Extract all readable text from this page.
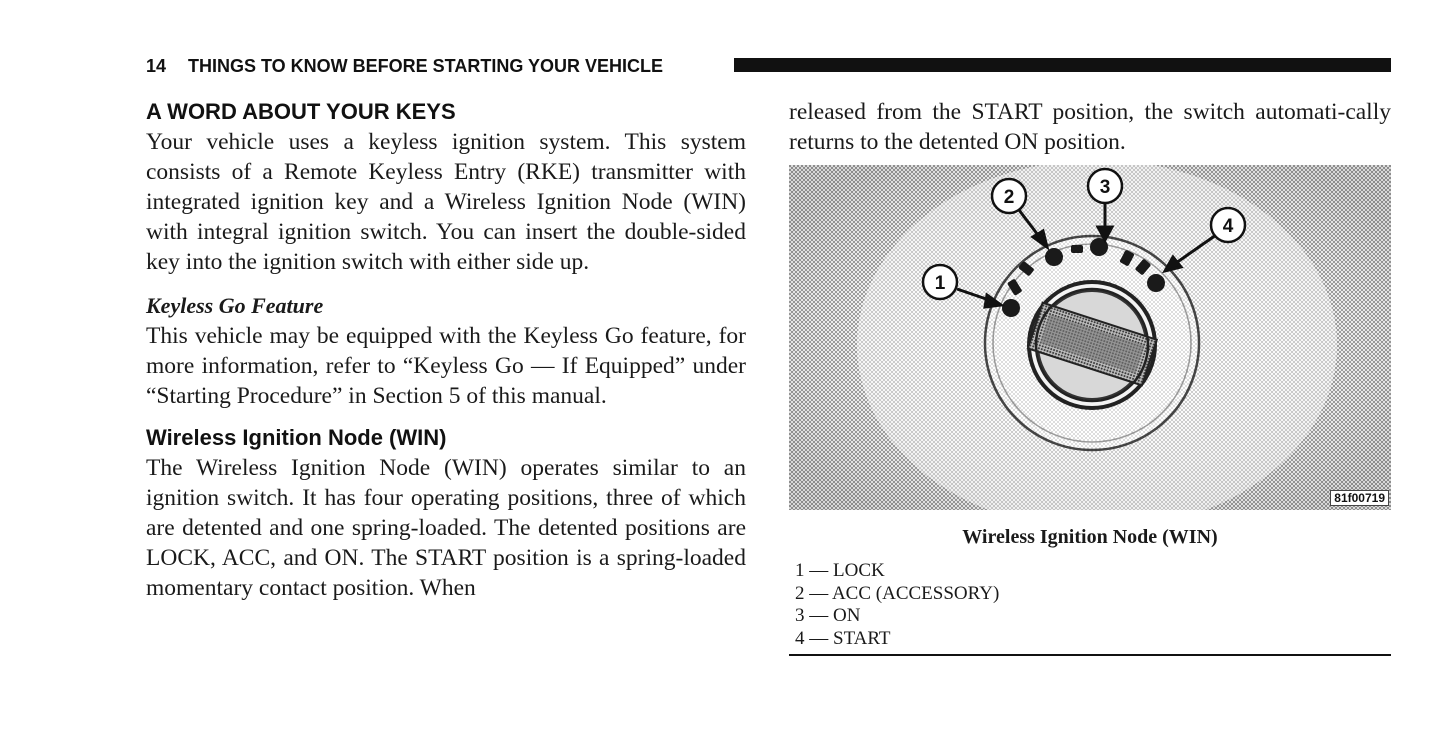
14 THINGS TO KNOW BEFORE STARTING YOUR VEHICLE
A WORD ABOUT YOUR KEYS

Your vehicle uses a keyless ignition system. This system consists of a Remote Keyless Entry (RKE) transmitter with integrated ignition key and a Wireless Ignition Node (WIN) with integral ignition switch. You can insert the double-sided key into the ignition switch with either side up.

Keyless Go Feature

This vehicle may be equipped with the Keyless Go feature, for more information, refer to “Keyless Go — If Equipped” under “Starting Procedure” in Section 5 of this manual.

Wireless Ignition Node (WIN)

The Wireless Ignition Node (WIN) operates similar to an ignition switch. It has four operating positions, three of which are detented and one spring-loaded. The detented positions are LOCK, ACC, and ON. The START position is a spring-loaded momentary contact position. When

released from the START position, the switch automati-cally returns to the detented ON position.

1
2	3
4
81f00719
Wireless Ignition Node (WIN)
1 — LOCK
2 — ACC (ACCESSORY)
3 — ON
4 — START
